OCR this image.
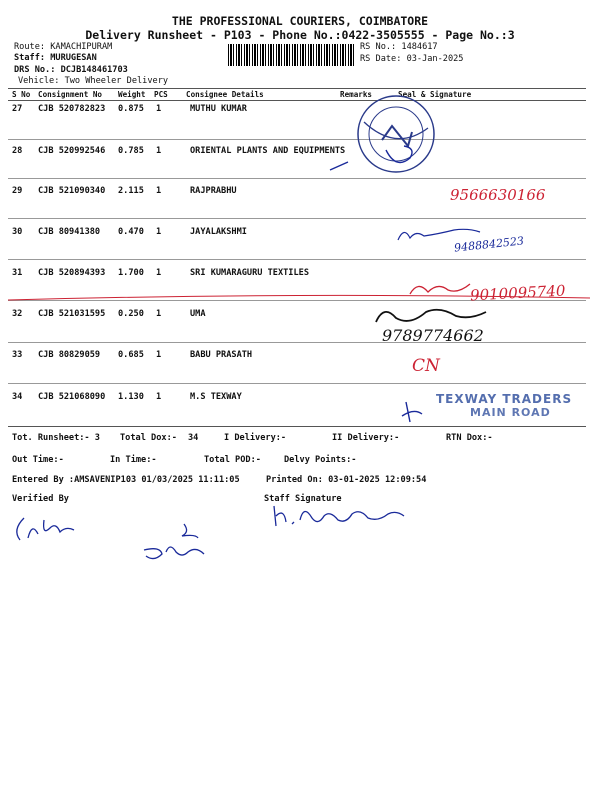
THE PROFESSIONAL COURIERS, COIMBATORE
Delivery Runsheet - P103 - Phone No.:0422-3505555 - Page No.:3
Route: KAMACHIPURAM
Staff: MURUGESAN
DRS No.: DCJB148461703
Vehicle: Two Wheeler Delivery
RS No.: 1484617
RS Date: 03-Jan-2025
S No Consignment No Weight PCS Consignee Details	Remarks	Seal & Signature
27 CJB 520782823 0.875 1	MUTHU KUMAR
28 CJB 520992546 0.785 1	ORIENTAL PLANTS AND EQUIPMENTS
29 CJB 521090340 2.115 1	RAJPRABHU
30 CJB 80941380 0.470 1	JAYALAKSHMI
31 CJB 520894393 1.700 1	SRI KUMARAGURU TEXTILES
32 CJB 521031595 0.250 1	UMA
33 CJB 80829059 0.685 1	BABU PRASATH
34 CJB 521068090 1.130 1	M.S TEXWAY
Tot. Runsheet:- 3 Total Dox:- 34	I Delivery:-	II Delivery:-	RTN Dox:-
Out Time:-	In Time:-	Total POD:-	Delvy Points:-
Entered By :AMSAVENIP103 01/03/2025 11:11:05	Printed On: 03-01-2025 12:09:54
Verified By	Staff Signature
9566630166
9488842523
9010095740
9789774662
CN
TEXWAY TRADERS
MAIN ROAD
